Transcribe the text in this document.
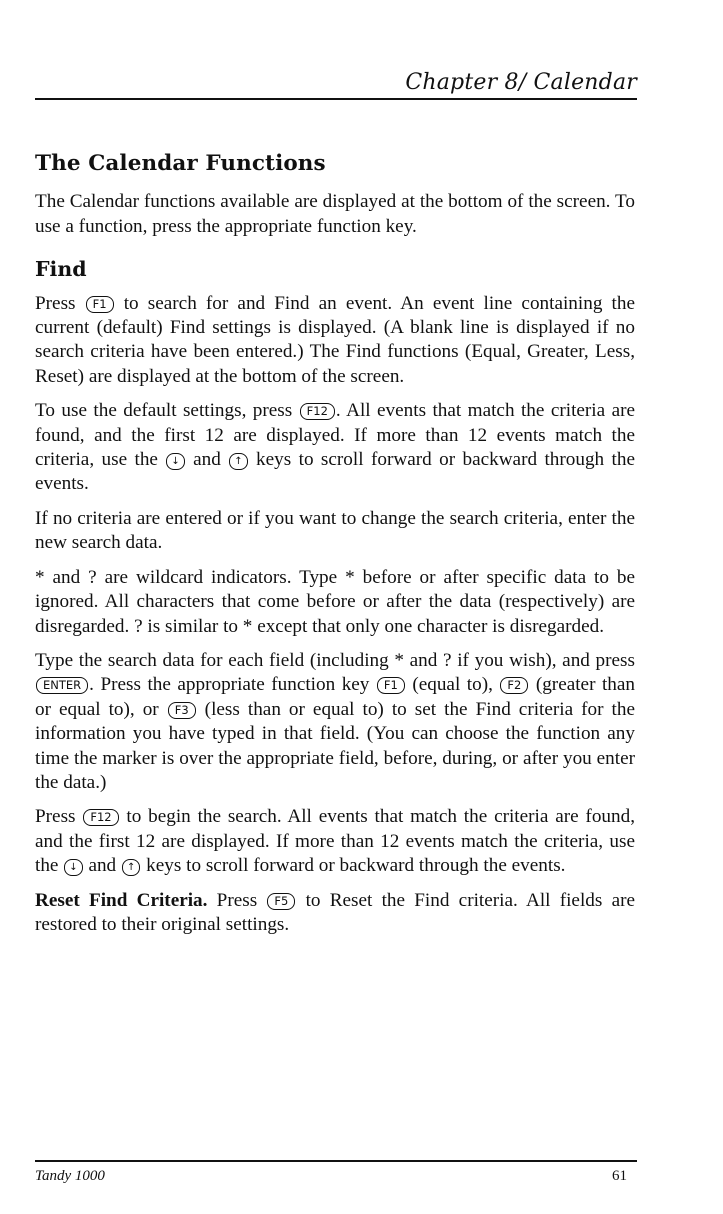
Chapter 8/ Calendar
The Calendar Functions

The Calendar functions available are displayed at the bottom of the screen. To use a function, press the appropriate function key.

Find

Press F1 to search for and Find an event. An event line containing the current (default) Find settings is displayed. (A blank line is displayed if no search criteria have been entered.) The Find functions (Equal, Greater, Less, Reset) are displayed at the bottom of the screen.

To use the default settings, press F12 . All events that match the criteria are found, and the first 12 are displayed. If more than 12 events match the criteria, use the ↓ and ↑ keys to scroll forward or backward through the events.

If no criteria are entered or if you want to change the search criteria, enter the new search data.

* and ? are wildcard indicators. Type * before or after specific data to be ignored. All characters that come before or after the data (respectively) are disregarded. ? is similar to * except that only one character is disregarded.

Type the search data for each field (including * and ? if you wish), and press ENTER . Press the appropriate function key F1 (equal to), F2 (greater than or equal to), or F3 (less than or equal to) to set the Find criteria for the information you have typed in that field. (You can choose the function any time the marker is over the appropriate field, before, during, or after you enter the data.)

Press F12 to begin the search. All events that match the criteria are found, and the first 12 are displayed. If more than 12 events match the criteria, use the ↓ and ↑ keys to scroll forward or backward through the events.

Reset Find Criteria. Press F5 to Reset the Find criteria. All fields are restored to their original settings.

Tandy 1000	61
